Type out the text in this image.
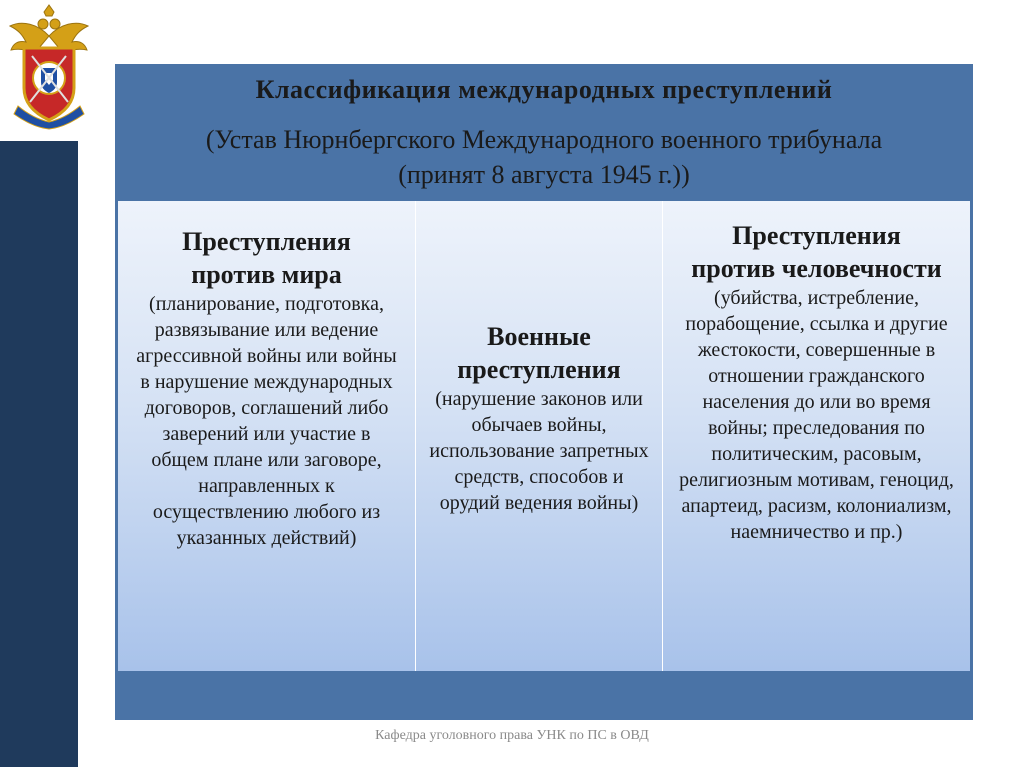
Классификация международных преступлений
(Устав Нюрнбергского Международного военного трибунала (принят 8 августа 1945 г.))
Преступления против мира
(планирование, подготовка, развязывание или ведение агрессивной войны или войны в нарушение международных договоров, соглашений либо заверений или участие в общем плане или заговоре, направленных к осуществлению любого из указанных действий)
Военные преступления
(нарушение законов или обычаев войны, использование запретных средств, способов и орудий ведения войны)
Преступления против человечности
(убийства, истребление, порабощение, ссылка и другие жестокости, совершенные в отношении гражданского населения до или во время войны; преследования по политическим, расовым, религиозным мотивам, геноцид, апартеид, расизм, колониализм, наемничество и пр.)
Кафедра уголовного права УНК по ПС в ОВД
